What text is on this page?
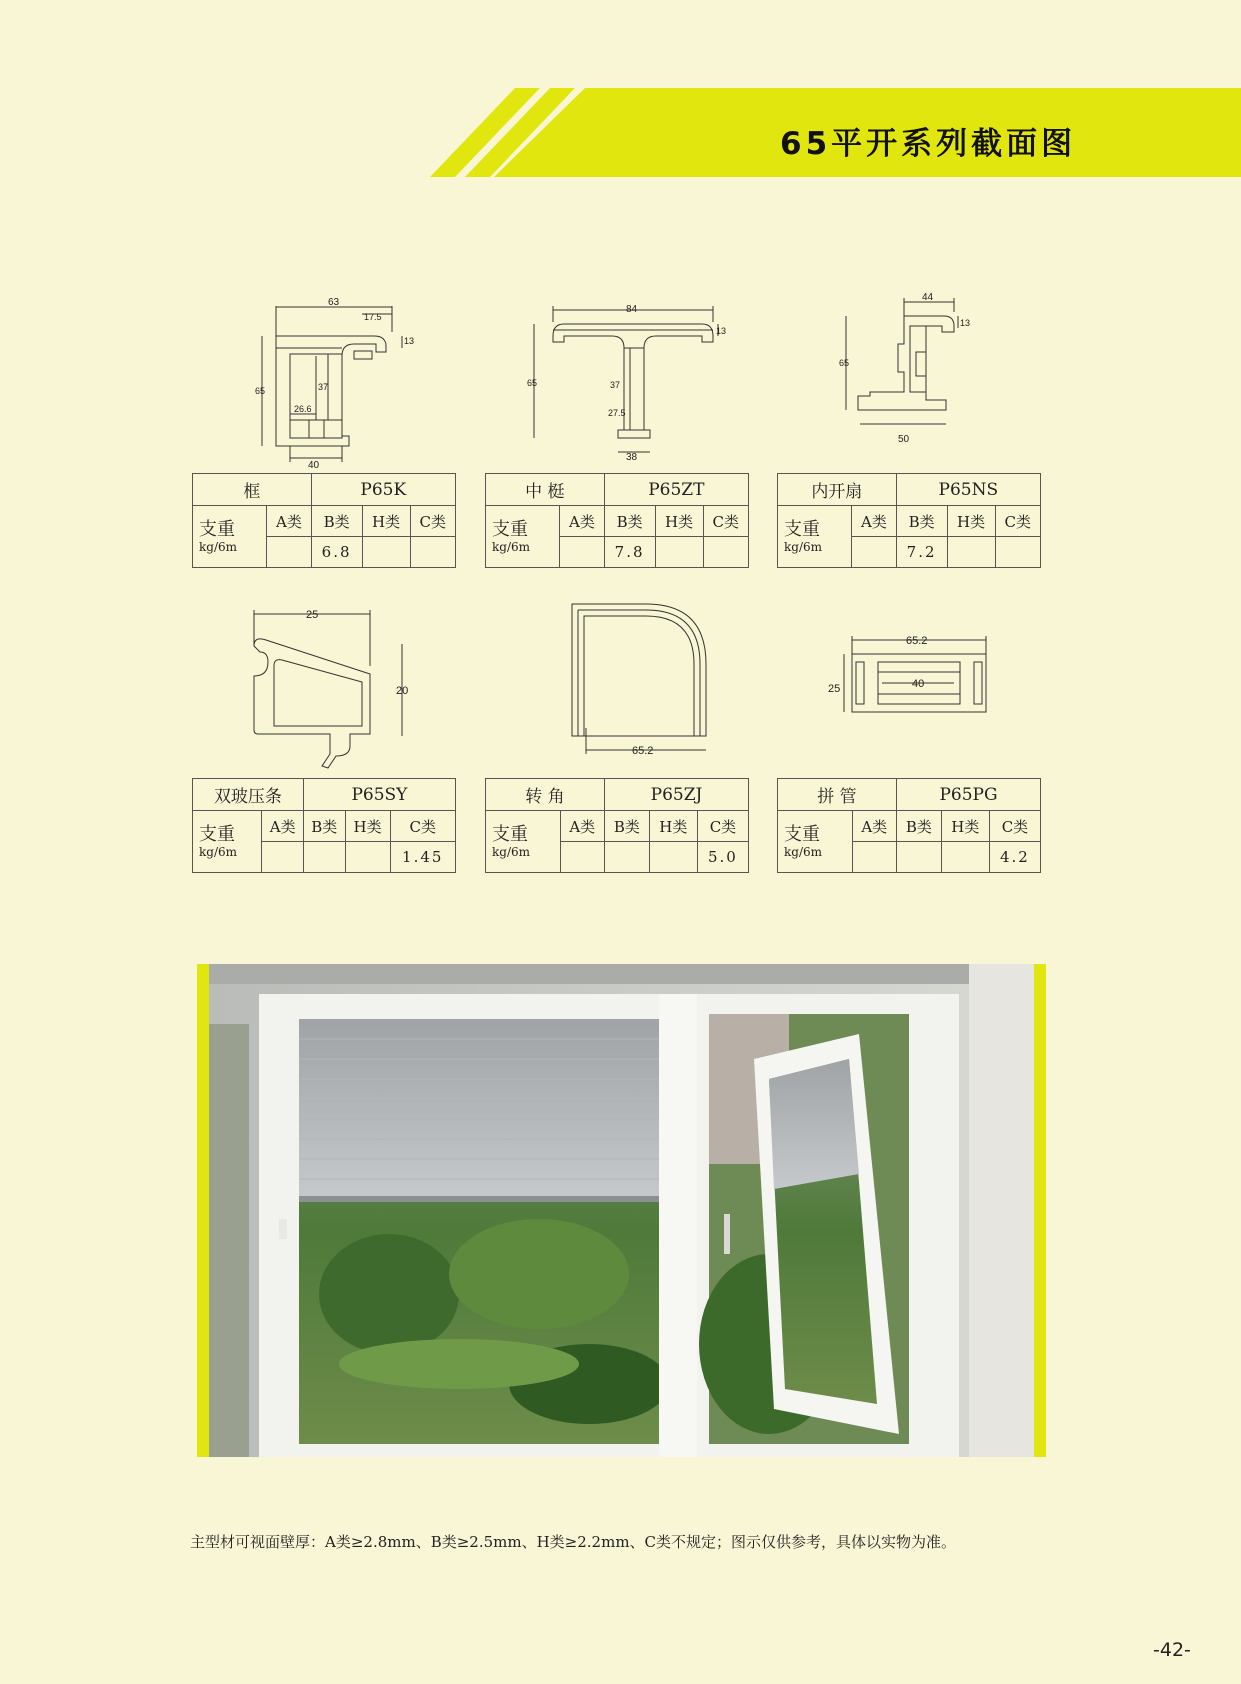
65平开系列截面图
63
17.5
13
65	37
26.6
40
84
13
65	37
27.5
38
44
13
65
50
框		P65K		
支重
kg/6m	A类	B类	H类	C类
		6.8		
中 梃		P65ZT		
支重
kg/6m	A类	B类	H类	C类
		7.8		
内开扇		P65NS		
支重
kg/6m	A类	B类	H类	C类
		7.2		
25
20
65.2
65.2
40
25
双玻压条		P65SY		
支重
kg/6m	A类	B类	H类	C类
				1.45
转 角		P65ZJ		
支重
kg/6m	A类	B类	H类	C类
				5.0
拼 管		P65PG		
支重
kg/6m	A类	B类	H类	C类
				4.2
主型材可视面壁厚：A类≥2.8mm、B类≥2.5mm、H类≥2.2mm、C类不规定；图示仅供参考，具体以实物为准。
-42-
